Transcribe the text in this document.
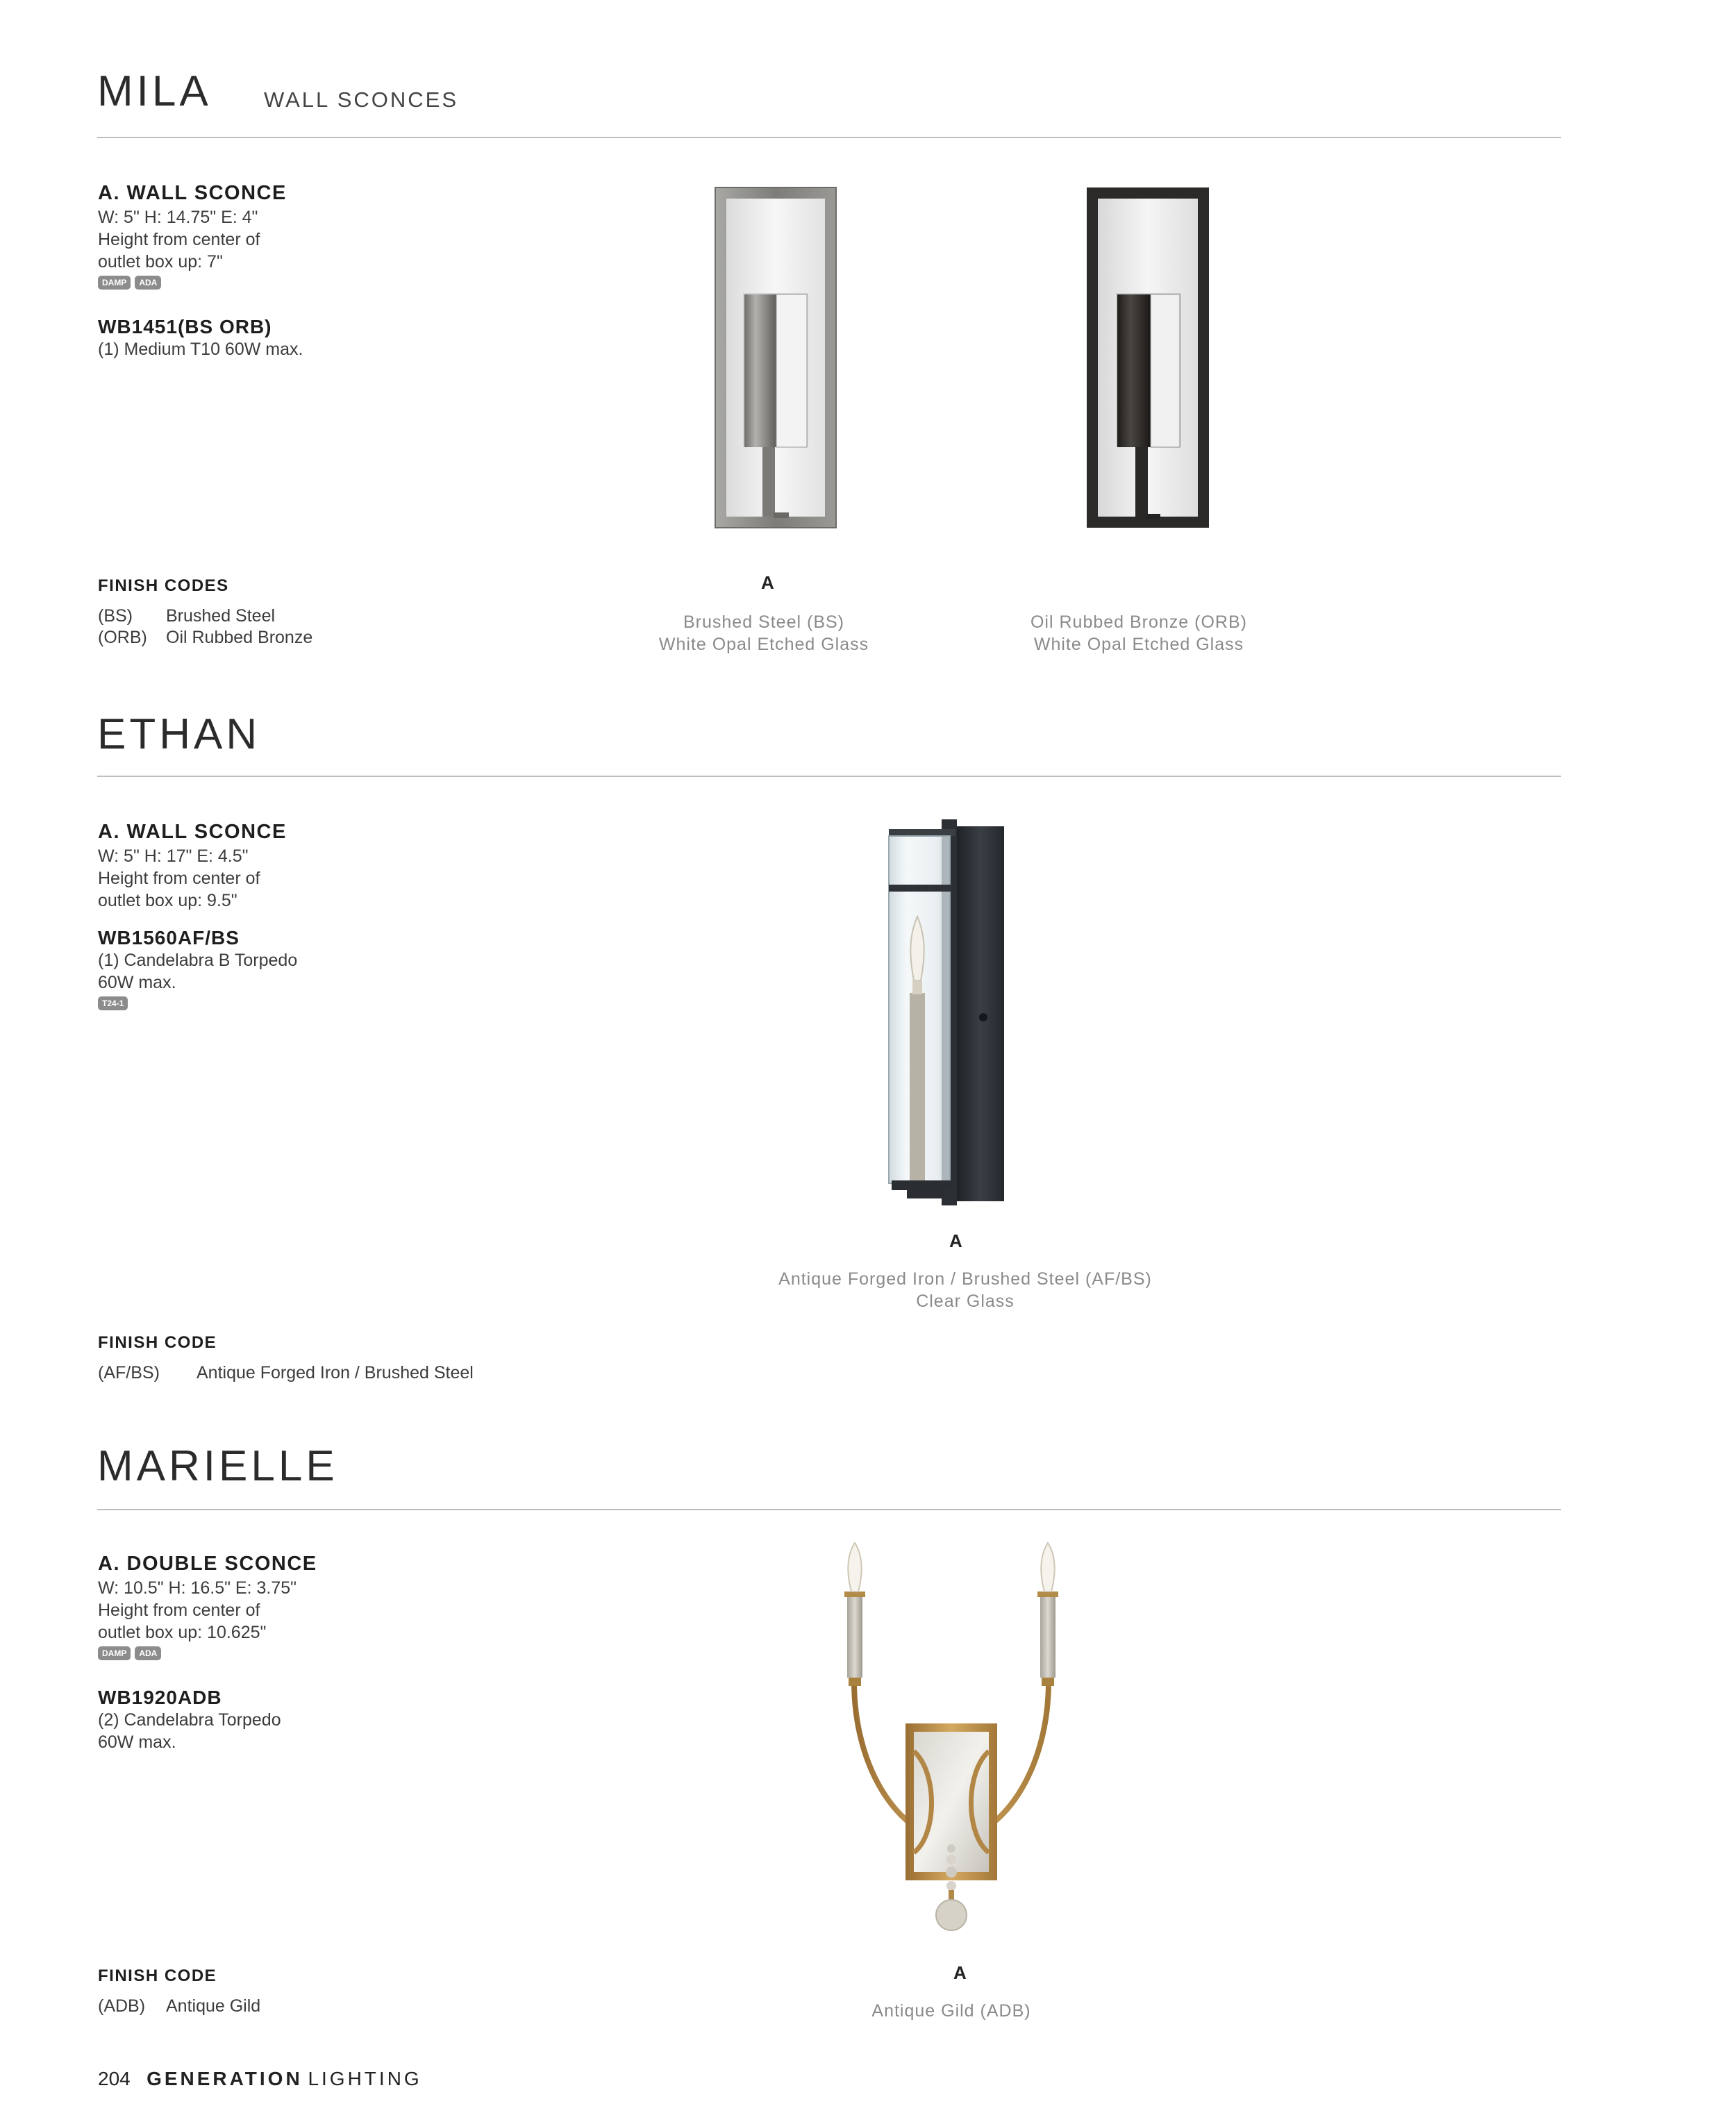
MILA WALL SCONCES
A. WALL SCONCE
W: 5" H: 14.75" E: 4"
Height from center of
outlet box up: 7"
DAMP	ADA
WB1451(BS ORB)
(1) Medium T10 60W max.
FINISH CODES
(BS) Brushed Steel
(ORB) Oil Rubbed Bronze
A
Brushed Steel (BS)
White Opal Etched Glass
Oil Rubbed Bronze (ORB)
White Opal Etched Glass
ETHAN
A. WALL SCONCE
W: 5" H: 17" E: 4.5"
Height from center of
outlet box up: 9.5"
WB1560AF/BS
(1) Candelabra B Torpedo
60W max.
T24-1
FINISH CODE
(AF/BS) Antique Forged Iron / Brushed Steel
A
Antique Forged Iron / Brushed Steel (AF/BS)
Clear Glass
MARIELLE
A. DOUBLE SCONCE
W: 10.5" H: 16.5" E: 3.75"
Height from center of
outlet box up: 10.625"
DAMP	ADA
WB1920ADB
(2) Candelabra Torpedo
60W max.
FINISH CODE
(ADB) Antique Gild
A
Antique Gild (ADB)
204 GENERATION LIGHTING
